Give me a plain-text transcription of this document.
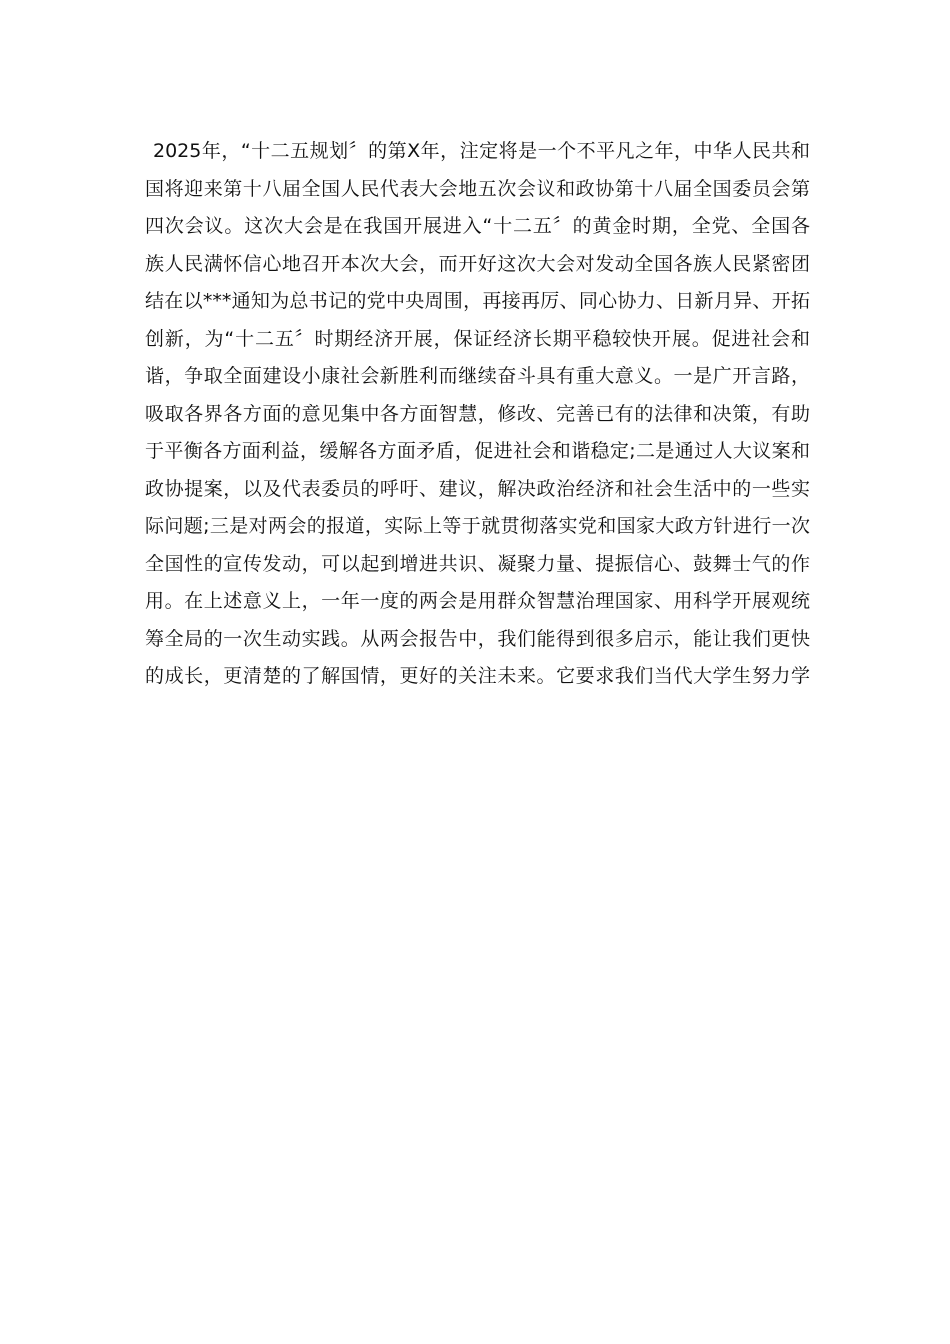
2025年，“十二五规划〞的第X年，注定将是一个不平凡之年，中华人民共和
国将迎来第十八届全国人民代表大会地五次会议和政协第十八届全国委员会第
四次会议。这次大会是在我国开展进入“十二五〞的黄金时期，全党、全国各
族人民满怀信心地召开本次大会，而开好这次大会对发动全国各族人民紧密团
结在以***通知为总书记的党中央周围，再接再厉、同心协力、日新月异、开拓
创新，为“十二五〞时期经济开展，保证经济长期平稳较快开展。促进社会和
谐，争取全面建设小康社会新胜利而继续奋斗具有重大意义。一是广开言路，
吸取各界各方面的意见集中各方面智慧，修改、完善已有的法律和决策，有助
于平衡各方面利益，缓解各方面矛盾，促进社会和谐稳定;二是通过人大议案和
政协提案，以及代表委员的呼吁、建议，解决政治经济和社会生活中的一些实
际问题;三是对两会的报道，实际上等于就贯彻落实党和国家大政方针进行一次
全国性的宣传发动，可以起到增进共识、凝聚力量、提振信心、鼓舞士气的作
用。在上述意义上，一年一度的两会是用群众智慧治理国家、用科学开展观统
筹全局的一次生动实践。从两会报告中，我们能得到很多启示，能让我们更快
的成长，更清楚的了解国情，更好的关注未来。它要求我们当代大学生努力学
